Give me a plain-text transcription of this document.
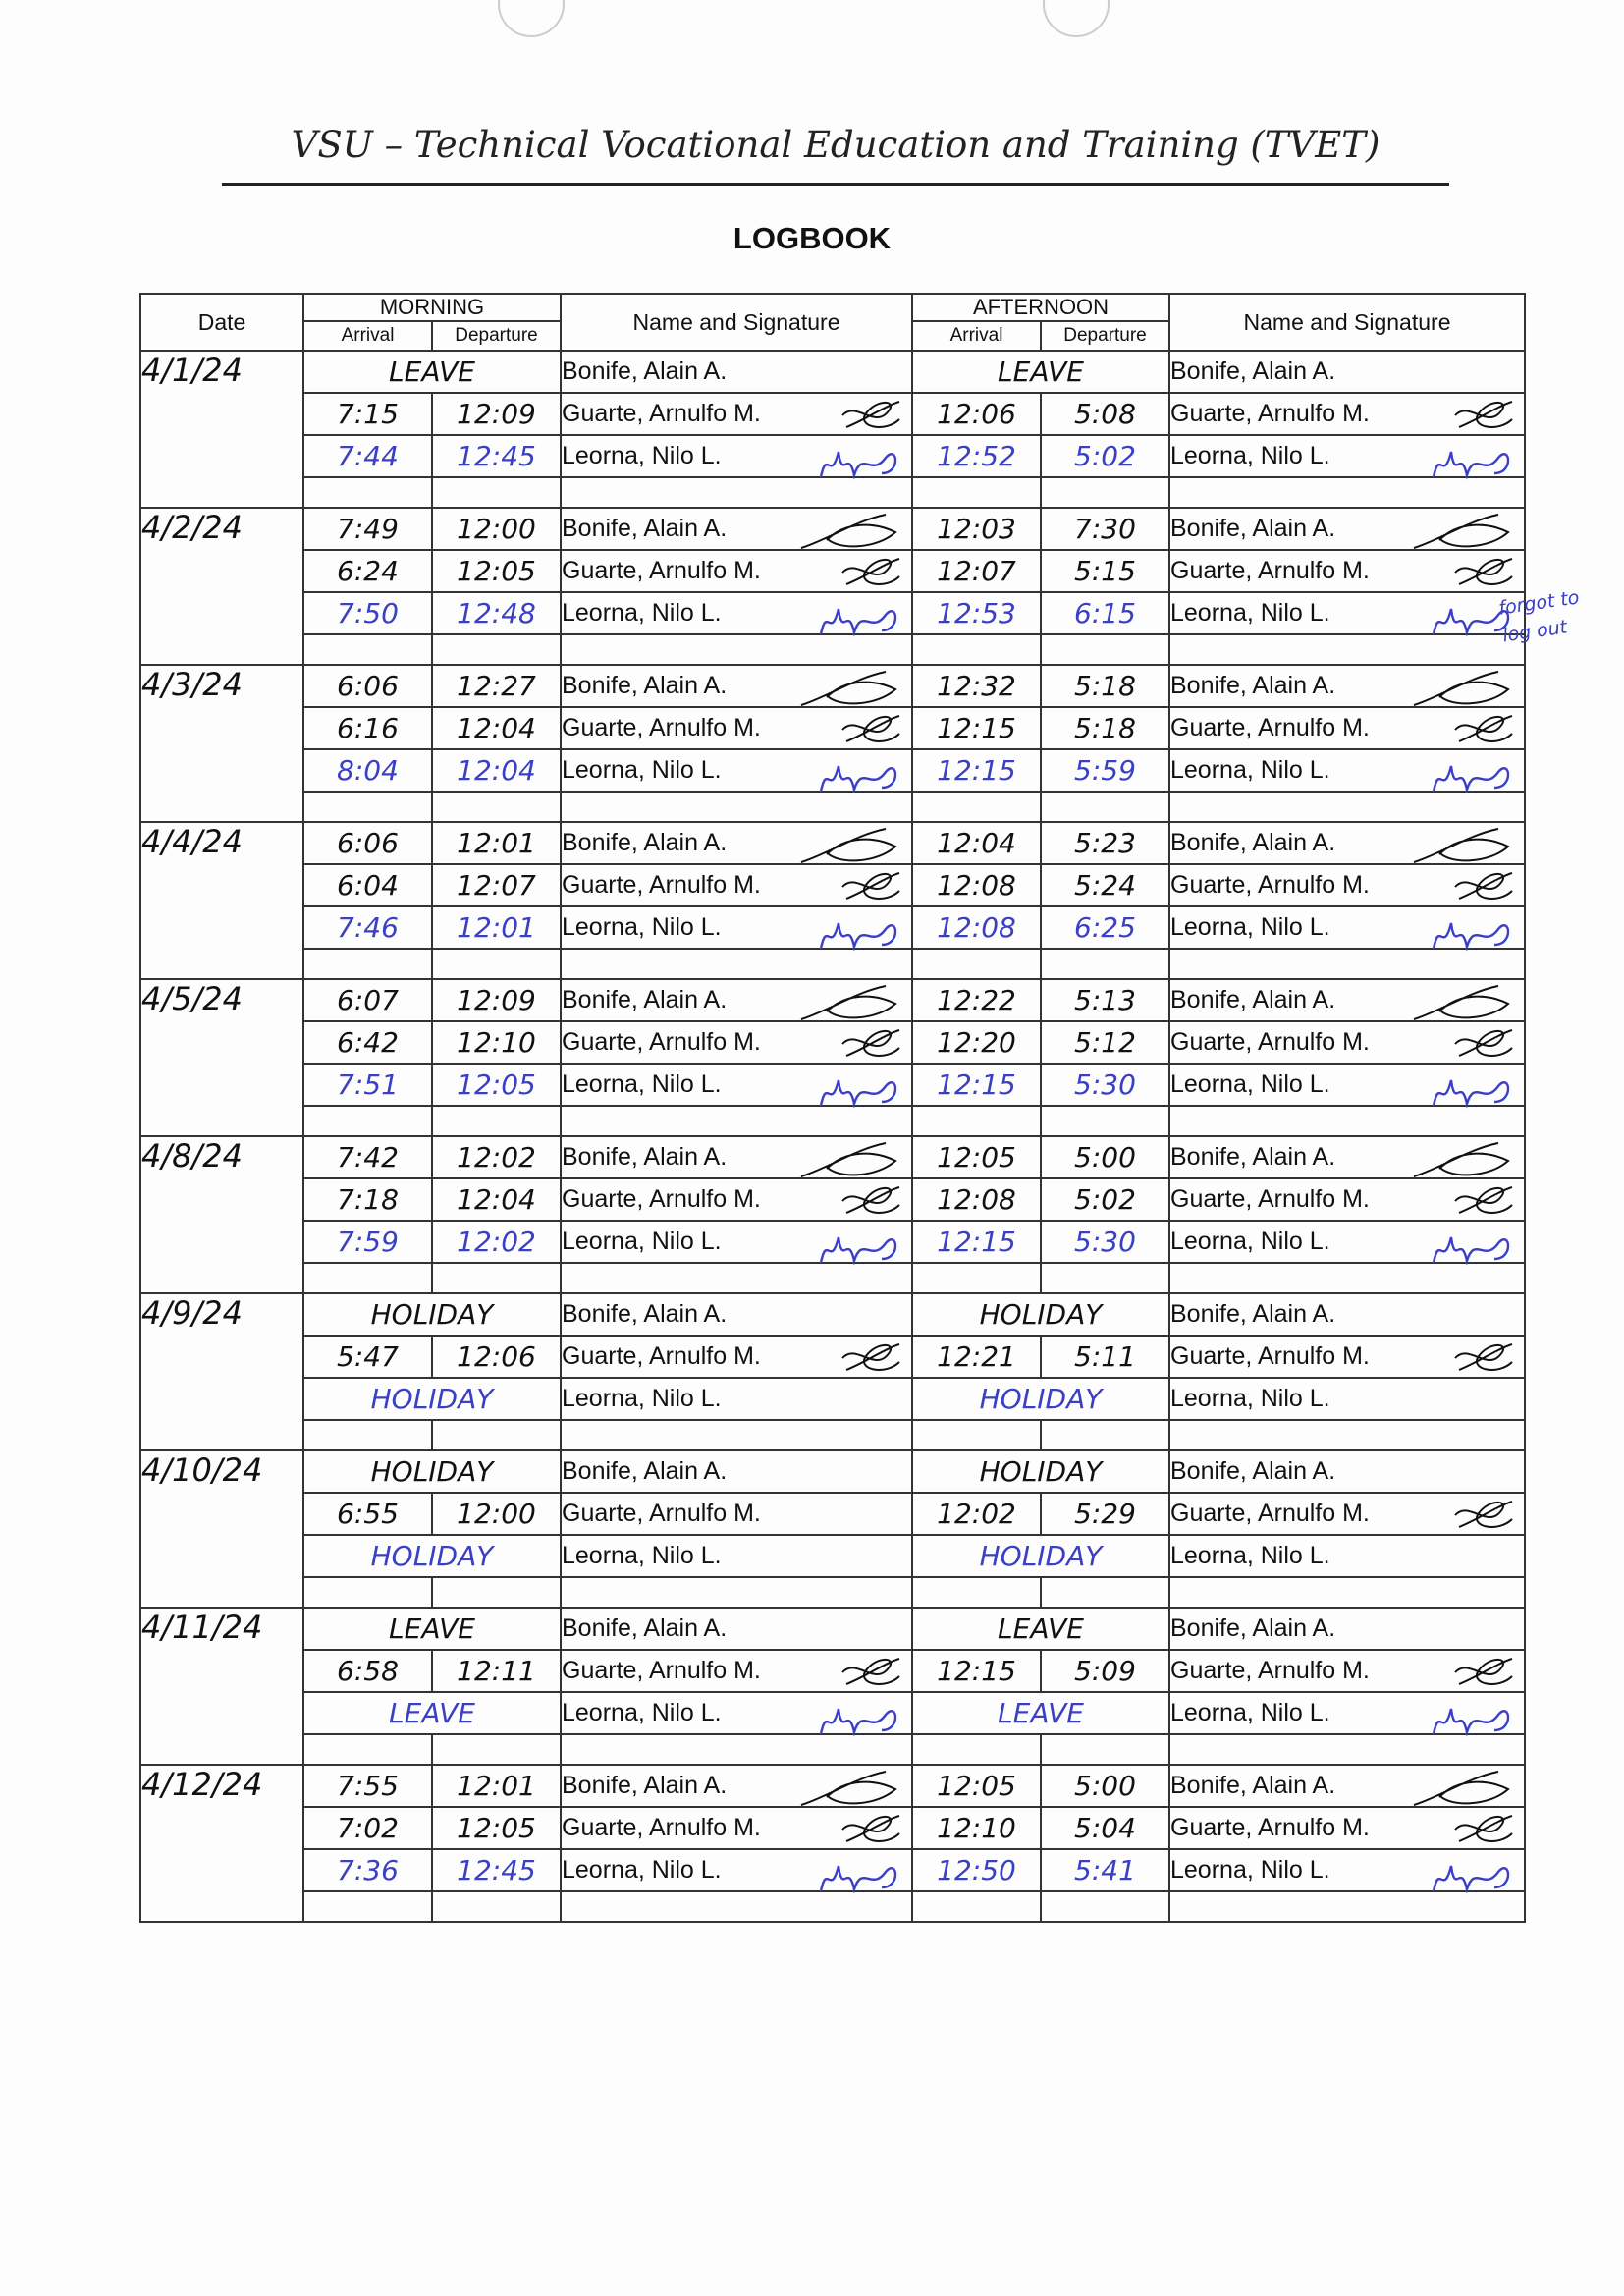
VSU – Technical Vocational Education and Training (TVET)
LOGBOOK
Date	MORNING		Name and Signature	AFTERNOON		Name and Signature
	Arrival	Departure		Arrival	Departure	
4/1/24	LEAVE		Bonife, Alain A.	LEAVE		Bonife, Alain A.
	7:15	12:09	Guarte, Arnulfo M.	12:06	5:08	Guarte, Arnulfo M.

	7:44	12:45	Leorna, Nilo L.	12:52	5:02	Leorna, Nilo L.

4/2/24	7:49	12:00	Bonife, Alain A.	12:03	7:30	Bonife, Alain A.

	6:24	12:05	Guarte, Arnulfo M.	12:07	5:15	Guarte, Arnulfo M.

	7:50	12:48	Leorna, Nilo L.	12:53	6:15	Leorna, Nilo L.

4/3/24	6:06	12:27	Bonife, Alain A.	12:32	5:18	Bonife, Alain A.

	6:16	12:04	Guarte, Arnulfo M.	12:15	5:18	Guarte, Arnulfo M.

	8:04	12:04	Leorna, Nilo L.	12:15	5:59	Leorna, Nilo L.

4/4/24	6:06	12:01	Bonife, Alain A.	12:04	5:23	Bonife, Alain A.

	6:04	12:07	Guarte, Arnulfo M.	12:08	5:24	Guarte, Arnulfo M.

	7:46	12:01	Leorna, Nilo L.	12:08	6:25	Leorna, Nilo L.

4/5/24	6:07	12:09	Bonife, Alain A.	12:22	5:13	Bonife, Alain A.

	6:42	12:10	Guarte, Arnulfo M.	12:20	5:12	Guarte, Arnulfo M.

	7:51	12:05	Leorna, Nilo L.	12:15	5:30	Leorna, Nilo L.

4/8/24	7:42	12:02	Bonife, Alain A.	12:05	5:00	Bonife, Alain A.

	7:18	12:04	Guarte, Arnulfo M.	12:08	5:02	Guarte, Arnulfo M.

	7:59	12:02	Leorna, Nilo L.	12:15	5:30	Leorna, Nilo L.

4/9/24	HOLIDAY		Bonife, Alain A.	HOLIDAY		Bonife, Alain A.
	5:47	12:06	Guarte, Arnulfo M.	12:21	5:11	Guarte, Arnulfo M.

	HOLIDAY		Leorna, Nilo L.	HOLIDAY		Leorna, Nilo L.

4/10/24	HOLIDAY		Bonife, Alain A.	HOLIDAY		Bonife, Alain A.
	6:55	12:00	Guarte, Arnulfo M.	12:02	5:29	Guarte, Arnulfo M.

	HOLIDAY		Leorna, Nilo L.	HOLIDAY		Leorna, Nilo L.

4/11/24	LEAVE		Bonife, Alain A.	LEAVE		Bonife, Alain A.
	6:58	12:11	Guarte, Arnulfo M.	12:15	5:09	Guarte, Arnulfo M.

	LEAVE		Leorna, Nilo L.	LEAVE		Leorna, Nilo L.

4/12/24	7:55	12:01	Bonife, Alain A.	12:05	5:00	Bonife, Alain A.

	7:02	12:05	Guarte, Arnulfo M.	12:10	5:04	Guarte, Arnulfo M.

	7:36	12:45	Leorna, Nilo L.	12:50	5:41	Leorna, Nilo L.

forgot to log out
